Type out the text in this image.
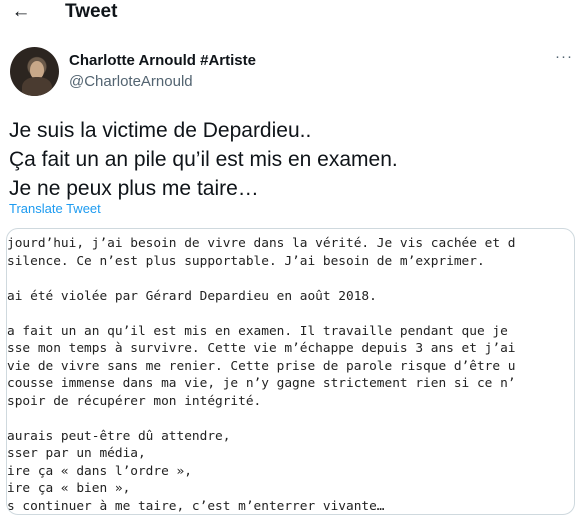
← Tweet
Charlotte Arnould #Artiste
@CharloteArnould
···

Je suis la victime de Depardieu..

Ça fait un an pile qu’il est mis en examen.

Je ne peux plus me taire…

Translate Tweet

jourd’hui, j’ai besoin de vivre dans la vérité. Je vis cachée et d

silence. Ce n’est plus supportable. J’ai besoin de m’exprimer.

ai été violée par Gérard Depardieu en août 2018.

a fait un an qu’il est mis en examen. Il travaille pendant que je

sse mon temps à survivre. Cette vie m’échappe depuis 3 ans et j’ai

vie de vivre sans me renier. Cette prise de parole risque d’être u

cousse immense dans ma vie, je n’y gagne strictement rien si ce n’

spoir de récupérer mon intégrité.

aurais peut-être dû attendre,

sser par un média,

ire ça « dans l’ordre »,

ire ça « bien »,

s continuer à me taire, c’est m’enterrer vivante…
